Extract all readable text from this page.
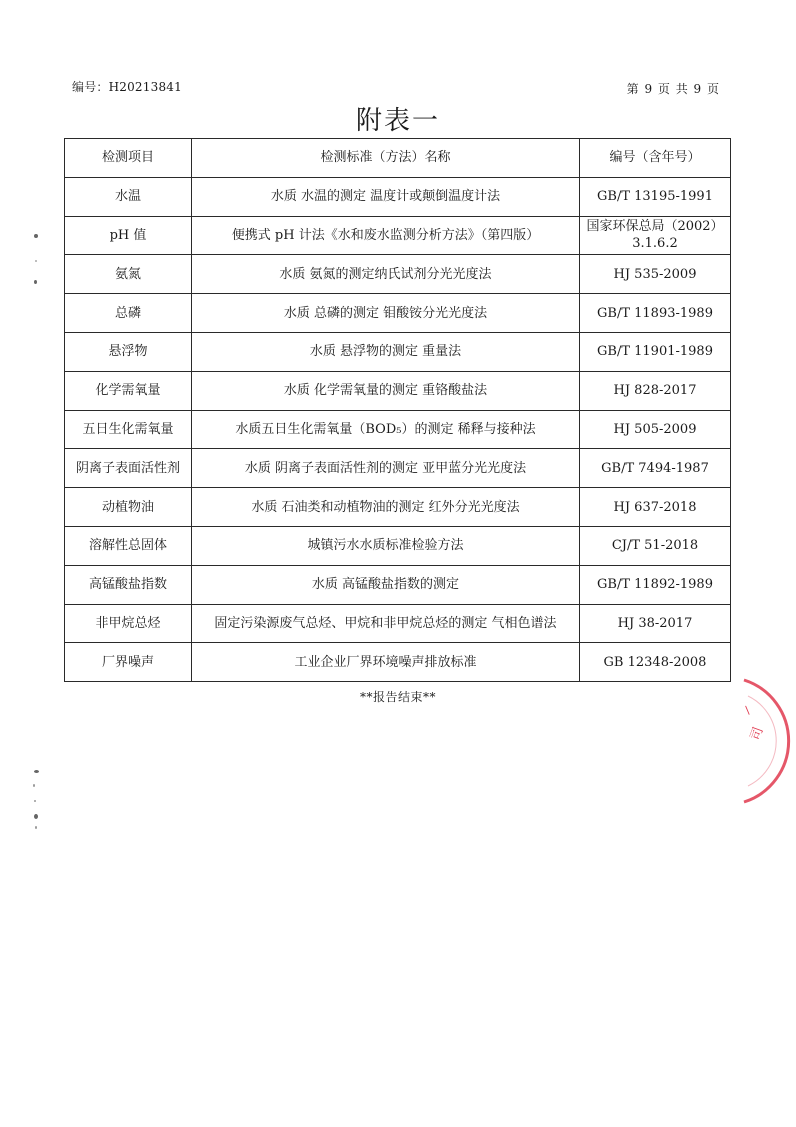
编号：H20213841	第 9 页 共 9 页
附表一
检测项目	检测标准（方法）名称	编号（含年号）
水温	水质 水温的测定 温度计或颠倒温度计法	GB/T 13195-1991
pH 值	便携式 pH 计法《水和废水监测分析方法》（第四版）	国家环保总局（2002）3.1.6.2
氨氮	水质 氨氮的测定纳氏试剂分光光度法	HJ 535-2009
总磷	水质 总磷的测定 钼酸铵分光光度法	GB/T 11893-1989
悬浮物	水质 悬浮物的测定 重量法	GB/T 11901-1989
化学需氧量	水质 化学需氧量的测定 重铬酸盐法	HJ 828-2017
五日生化需氧量	水质五日生化需氧量（BOD₅）的测定 稀释与接种法	HJ 505-2009
阴离子表面活性剂	水质 阴离子表面活性剂的测定 亚甲蓝分光光度法	GB/T 7494-1987
动植物油	水质 石油类和动植物油的测定 红外分光光度法	HJ 637-2018
溶解性总固体	城镇污水水质标准检验方法	CJ/T 51-2018
高锰酸盐指数	水质 高锰酸盐指数的测定	GB/T 11892-1989
非甲烷总烃	固定污染源废气总烃、甲烷和非甲烷总烃的测定 气相色谱法	HJ 38-2017
厂界噪声	工业企业厂界环境噪声排放标准	GB 12348-2008
**报告结束**
司
/
